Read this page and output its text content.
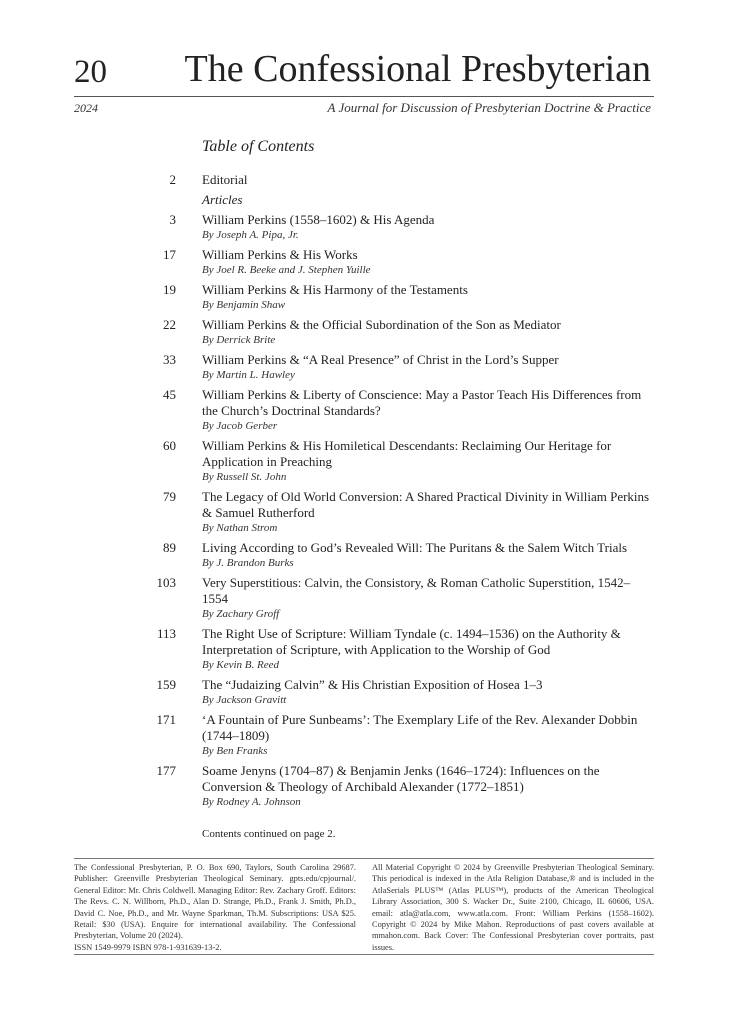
20 The Confessional Presbyterian
2024	A Journal for Discussion of Presbyterian Doctrine & Practice
Table of Contents
2 Editorial
Articles
3 William Perkins (1558–1602) & His Agenda
By Joseph A. Pipa, Jr.
17 William Perkins & His Works
By Joel R. Beeke and J. Stephen Yuille
19 William Perkins & His Harmony of the Testaments
By Benjamin Shaw
22 William Perkins & the Official Subordination of the Son as Mediator
By Derrick Brite
33 William Perkins & “A Real Presence” of Christ in the Lord’s Supper
By Martin L. Hawley
45 William Perkins & Liberty of Conscience: May a Pastor Teach His Differences from the Church’s Doctrinal Standards?
By Jacob Gerber
60 William Perkins & His Homiletical Descendants: Reclaiming Our Heritage for Application in Preaching
By Russell St. John
79 The Legacy of Old World Conversion: A Shared Practical Divinity in William Perkins & Samuel Rutherford
By Nathan Strom
89 Living According to God’s Revealed Will: The Puritans & the Salem Witch Trials
By J. Brandon Burks
103 Very Superstitious: Calvin, the Consistory, & Roman Catholic Superstition, 1542–1554
By Zachary Groff
113 The Right Use of Scripture: William Tyndale (c. 1494–1536) on the Authority & Interpretation of Scripture, with Application to the Worship of God
By Kevin B. Reed
159 The “Judaizing Calvin” & His Christian Exposition of Hosea 1–3
By Jackson Gravitt
171 ‘A Fountain of Pure Sunbeams’: The Exemplary Life of the Rev. Alexander Dobbin (1744–1809)
By Ben Franks
177 Soame Jenyns (1704–87) & Benjamin Jenks (1646–1724): Influences on the Conversion & Theology of Archibald Alexander (1772–1851)
By Rodney A. Johnson
Contents continued on page 2.

The Confessional Presbyterian, P. O. Box 690, Taylors, South Carolina 29687. Publisher: Greenville Presbyterian Theological Seminary. gpts.edu/cpjournal/. General Editor: Mr. Chris Coldwell. Managing Editor: Rev. Zachary Groff. Editors: The Revs. C. N. Willborn, Ph.D., Alan D. Strange, Ph.D., Frank J. Smith, Ph.D., David C. Noe, Ph.D., and Mr. Wayne Sparkman, Th.M. Subscriptions: USA $25. Retail: $30 (USA). Enquire for international availability. The Confessional Presbyterian, Volume 20 (2024).

ISSN 1549-9979 ISBN 978-1-931639-13-2.

All Material Copyright © 2024 by Greenville Presbyterian Theological Seminary. This periodical is indexed in the Atla Religion Database,® and is included in the AtlaSerials PLUS™ (Atlas PLUS™), products of the American Theological Library Association, 300 S. Wacker Dr., Suite 2100, Chicago, IL 60606, USA. email: atla@atla.com, www.atla.com. Front: William Perkins (1558–1602). Copyright © 2024 by Mike Mahon. Reproductions of past covers available at mmahon.com. Back Cover: The Confessional Presbyterian cover portraits, past issues.
